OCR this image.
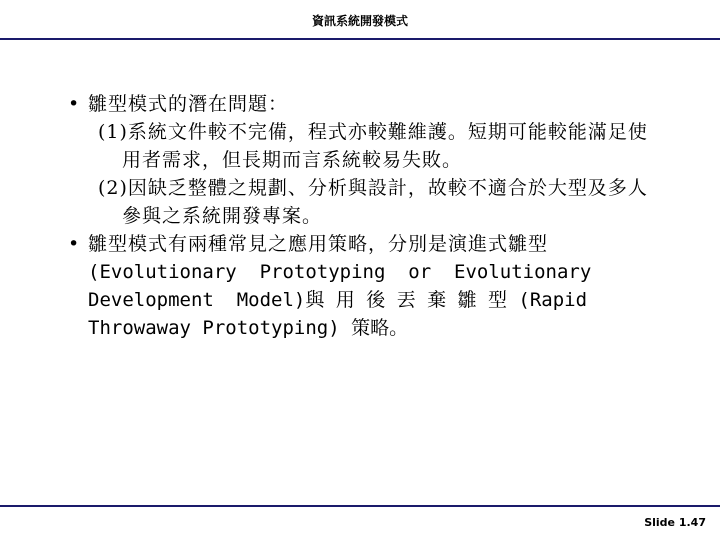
資訊系統開發模式
• 雛型模式的潛在問題：
(1)系統文件較不完備，程式亦較難維護。短期可能較能滿足使用者需求，但長期而言系統較易失敗。
(2)因缺乏整體之規劃、分析與設計，故較不適合於大型及多人參與之系統開發專案。
• 雛型模式有兩種常見之應用策略，分別是演進式雛型
(Evolutionary  Prototyping  or  Evolutionary
Development  Model)與 用 後 丟 棄 雛 型 (Rapid
Throwaway Prototyping) 策略。
Slide 1.47
